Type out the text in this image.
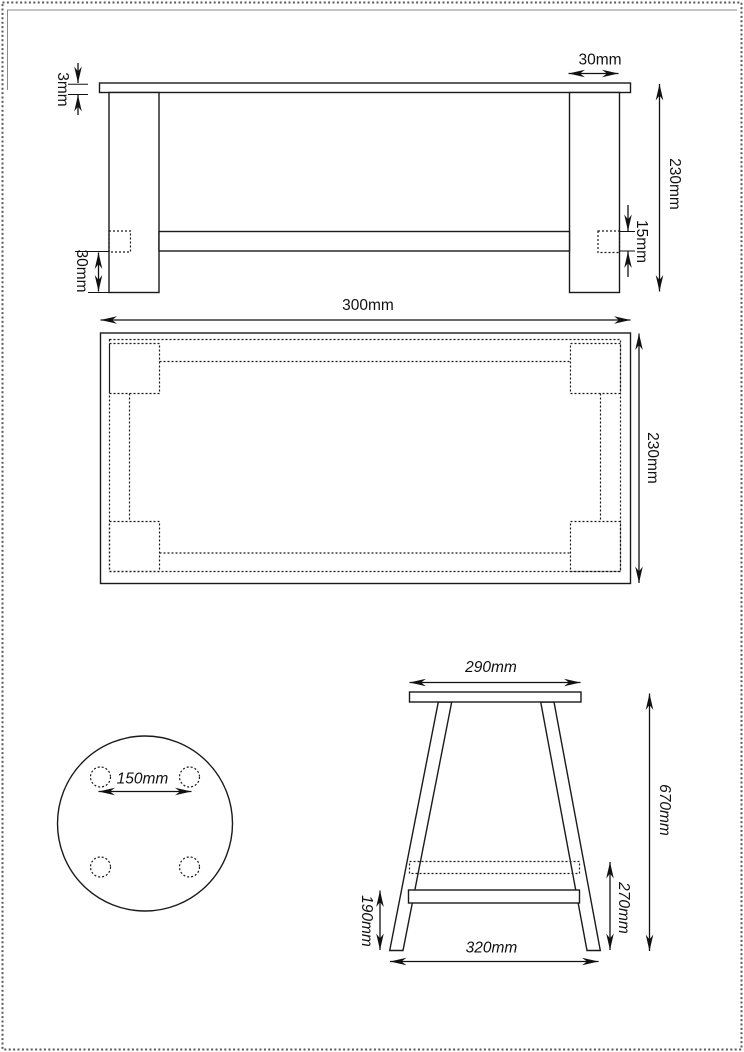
3mm
30mm
230mm
15mm
30mm
300mm
230mm
150mm
290mm
670mm
270mm
190mm
320mm
